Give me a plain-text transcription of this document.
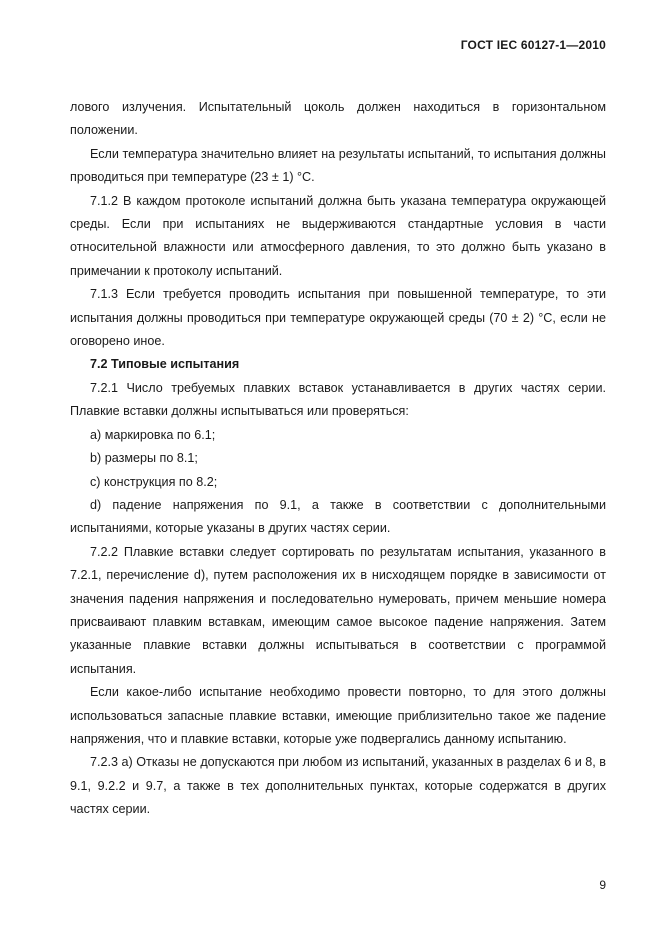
ГОСТ IEC 60127-1—2010

лового излучения. Испытательный цоколь должен находиться в горизонтальном положении.

Если температура значительно влияет на результаты испытаний, то испытания должны проводиться при температуре (23 ± 1) °С.

7.1.2 В каждом протоколе испытаний должна быть указана температура окружающей среды. Если при испытаниях не выдерживаются стандартные условия в части относительной влажности или атмосферного давления, то это должно быть указано в примечании к протоколу испытаний.

7.1.3 Если требуется проводить испытания при повышенной температуре, то эти испытания должны проводиться при температуре окружающей среды (70 ± 2) °С, если не оговорено иное.

7.2 Типовые испытания

7.2.1 Число требуемых плавких вставок устанавливается в других частях серии. Плавкие вставки должны испытываться или проверяться:

a) маркировка по 6.1;

b) размеры по 8.1;

c) конструкция по 8.2;

d) падение напряжения по 9.1, а также в соответствии с дополнительными испытаниями, которые указаны в других частях серии.

7.2.2 Плавкие вставки следует сортировать по результатам испытания, указанного в 7.2.1, перечисление d), путем расположения их в нисходящем порядке в зависимости от значения падения напряжения и последовательно нумеровать, причем меньшие номера присваивают плавким вставкам, имеющим самое высокое падение напряжения. Затем указанные плавкие вставки должны испытываться в соответствии с программой испытания.

Если какое-либо испытание необходимо провести повторно, то для этого должны использоваться запасные плавкие вставки, имеющие приблизительно такое же падение напряжения, что и плавкие вставки, которые уже подвергались данному испытанию.

7.2.3 а) Отказы не допускаются при любом из испытаний, указанных в разделах 6 и 8, в 9.1, 9.2.2 и 9.7, а также в тех дополнительных пунктах, которые содержатся в других частях серии.

9
